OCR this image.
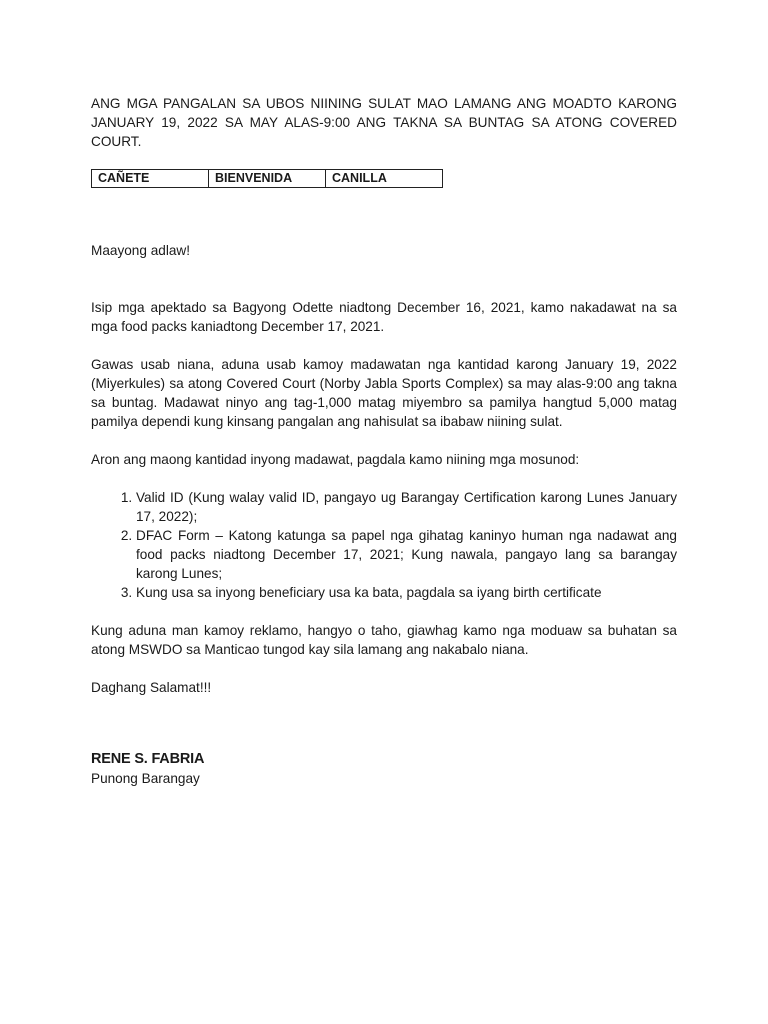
ANG MGA PANGALAN SA UBOS NIINING SULAT MAO LAMANG ANG MOADTO KARONG JANUARY 19, 2022 SA MAY ALAS-9:00 ANG TAKNA SA BUNTAG SA ATONG COVERED COURT.

CAÑETE	BIENVENIDA	CANILLA

Maayong adlaw!

Isip mga apektado sa Bagyong Odette niadtong December 16, 2021, kamo nakadawat na sa mga food packs kaniadtong December 17, 2021.

Gawas usab niana, aduna usab kamoy madawatan nga kantidad karong January 19, 2022 (Miyerkules) sa atong Covered Court (Norby Jabla Sports Complex) sa may alas-9:00 ang takna sa buntag. Madawat ninyo ang tag-1,000 matag miyembro sa pamilya hangtud 5,000 matag pamilya dependi kung kinsang pangalan ang nahisulat sa ibabaw niining sulat.

Aron ang maong kantidad inyong madawat, pagdala kamo niining mga mosunod:

1. Valid ID (Kung walay valid ID, pangayo ug Barangay Certification karong Lunes January 17, 2022);
2. DFAC Form – Katong katunga sa papel nga gihatag kaninyo human nga nadawat ang food packs niadtong December 17, 2021; Kung nawala, pangayo lang sa barangay karong Lunes;
3. Kung usa sa inyong beneficiary usa ka bata, pagdala sa iyang birth certificate

Kung aduna man kamoy reklamo, hangyo o taho, giawhag kamo nga moduaw sa buhatan sa atong MSWDO sa Manticao tungod kay sila lamang ang nakabalo niana.

Daghang Salamat!!!

RENE S. FABRIA

Punong Barangay
